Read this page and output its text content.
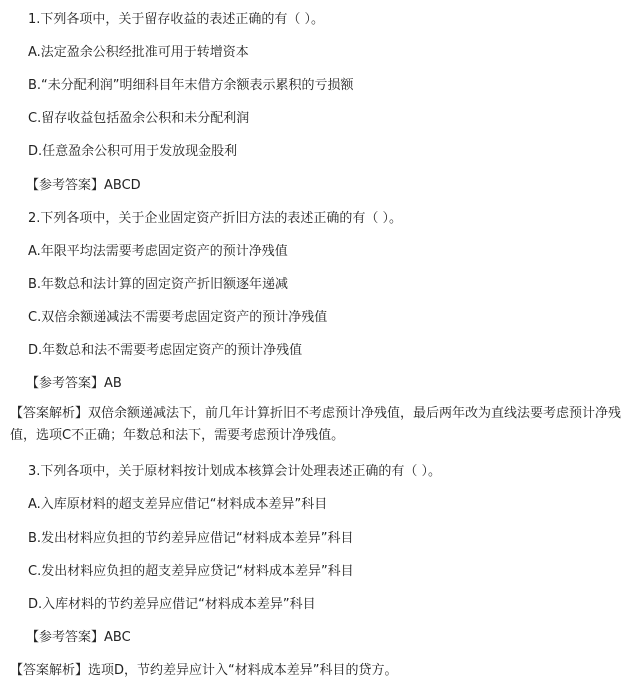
1.下列各项中，关于留存收益的表述正确的有（ ）。
A.法定盈余公积经批准可用于转增资本
B.“未分配利润”明细科目年末借方余额表示累积的亏损额
C.留存收益包括盈余公积和未分配利润
D.任意盈余公积可用于发放现金股利
【参考答案】ABCD
2.下列各项中，关于企业固定资产折旧方法的表述正确的有（ ）。
A.年限平均法需要考虑固定资产的预计净残值
B.年数总和法计算的固定资产折旧额逐年递减
C.双倍余额递减法不需要考虑固定资产的预计净残值
D.年数总和法不需要考虑固定资产的预计净残值
【参考答案】AB
【答案解析】双倍余额递减法下，前几年计算折旧不考虑预计净残值，最后两年改为直线法要考虑预计净残值，选项C不正确；年数总和法下，需要考虑预计净残值。
3.下列各项中，关于原材料按计划成本核算会计处理表述正确的有（ ）。
A.入库原材料的超支差异应借记“材料成本差异”科目
B.发出材料应负担的节约差异应借记“材料成本差异”科目
C.发出材料应负担的超支差异应贷记“材料成本差异”科目
D.入库材料的节约差异应借记“材料成本差异”科目
【参考答案】ABC
【答案解析】选项D，节约差异应计入“材料成本差异”科目的贷方。
